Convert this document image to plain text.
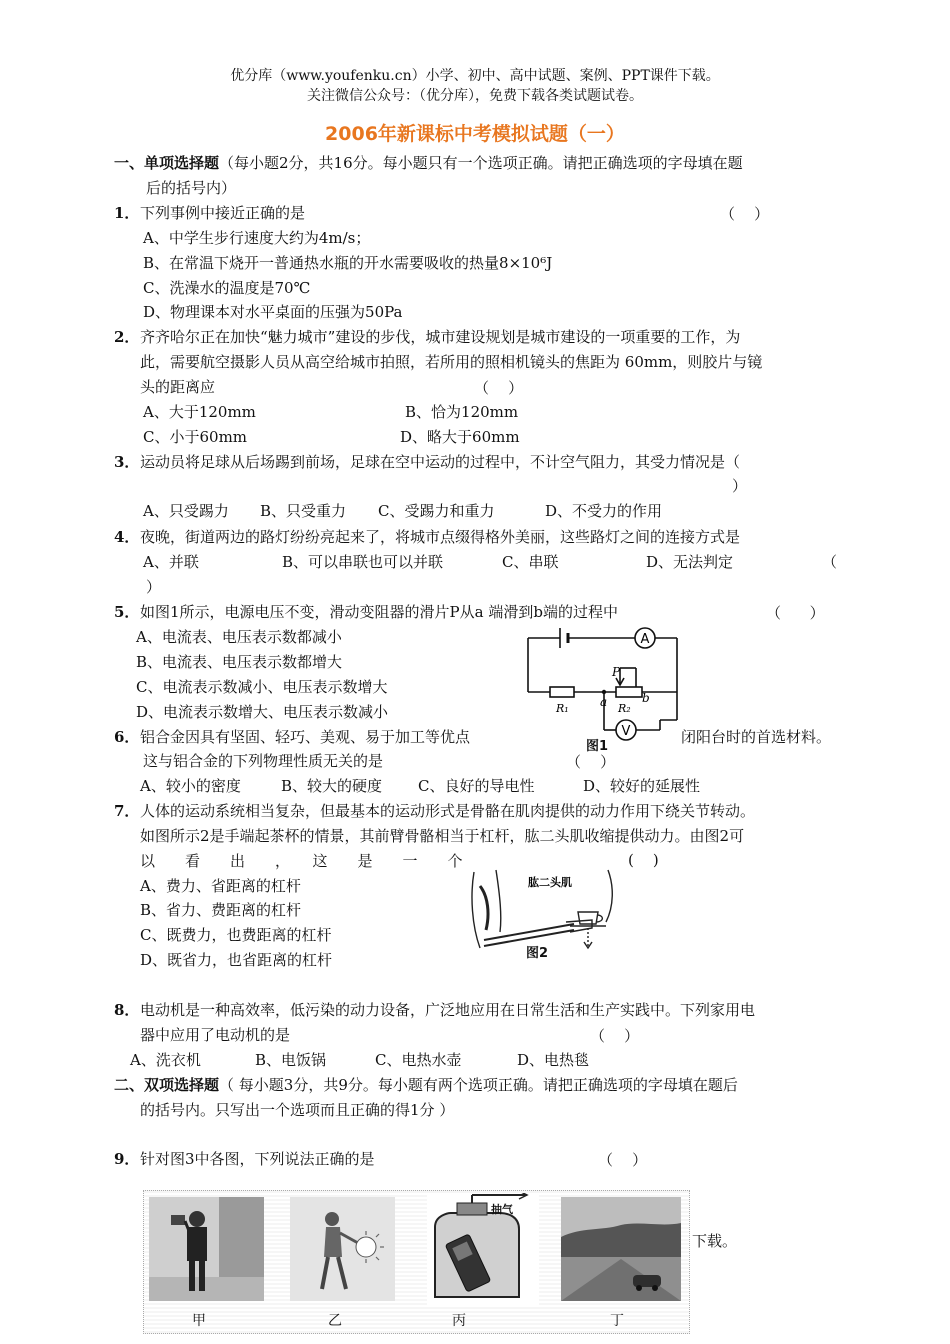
优分库（www.youfenku.cn）小学、初中、高中试题、案例、PPT课件下载。
关注微信公众号：（优分库），免费下载各类试题试卷。
2006年新课标中考模拟试题（一）
一、单项选择题（每小题2分，共16分。每小题只有一个选项正确。请把正确选项的字母填在题
后的括号内）
1． 下列事例中接近正确的是	（    ）
A、中学生步行速度大约为4m/s；
B、在常温下烧开一普通热水瓶的开水需要吸收的热量8×10⁶J
C、洗澡水的温度是70℃
D、物理课本对水平桌面的压强为50Pa
2． 齐齐哈尔正在加快“魅力城市”建设的步伐，城市建设规划是城市建设的一项重要的工作，为
此，需要航空摄影人员从高空给城市拍照，若所用的照相机镜头的焦距为 60mm，则胶片与镜
头的距离应	（    ）
A、大于120mm	B、恰为120mm
C、小于60mm	D、略大于60mm
3． 运动员将足球从后场踢到前场，足球在空中运动的过程中，不计空气阻力，其受力情况是（
）
A、只受踢力 B、只受重力 C、受踢力和重力	D、不受力的作用
4． 夜晚，街道两边的路灯纷纷亮起来了，将城市点缀得格外美丽，这些路灯之间的连接方式是
A、并联	B、可以串联也可以并联	C、串联	D、无法判定	（
）
5． 如图1所示，电源电压不变，滑动变阻器的滑片P从a 端滑到b端的过程中	（      ）
A、电流表、电压表示数都减小
B、电流表、电压表示数都增大
C、电流表示数减小、电压表示数增大
D、电流表示数增大、电压表示数减小
A
V
P
a	b
R₁	R₂
图1
6． 铝合金因具有坚固、轻巧、美观、易于加工等优点	闭阳台时的首选材料。
这与铝合金的下列物理性质无关的是	（    ）
A、较小的密度	B、较大的硬度 C、良好的导电性	D、较好的延展性
7． 人体的运动系统相当复杂，但最基本的运动形式是骨骼在肌肉提供的动力作用下绕关节转动。
如图所示2是手端起茶杯的情景，其前臂骨骼相当于杠杆，肱二头肌收缩提供动力。由图2可
以　　看　　出　　，　　这　　是　　一　　个	(    )
A、费力、省距离的杠杆
B、省力、费距离的杠杆
C、既费力，也费距离的杠杆
D、既省力，也省距离的杠杆
肱二头肌
图2
8． 电动机是一种高效率，低污染的动力设备，广泛地应用在日常生活和生产实践中。下列家用电
器中应用了电动机的是	（    ）
A、洗衣机	B、电饭锅	C、电热水壶	D、电热毯
二、双项选择题（ 每小题3分，共9分。每小题有两个选项正确。请把正确选项的字母填在题后
的括号内。只写出一个选项而且正确的得1分 ）
9． 针对图3中各图，下列说法正确的是	（    ）
抽气
甲	乙	丙	丁
下载。
